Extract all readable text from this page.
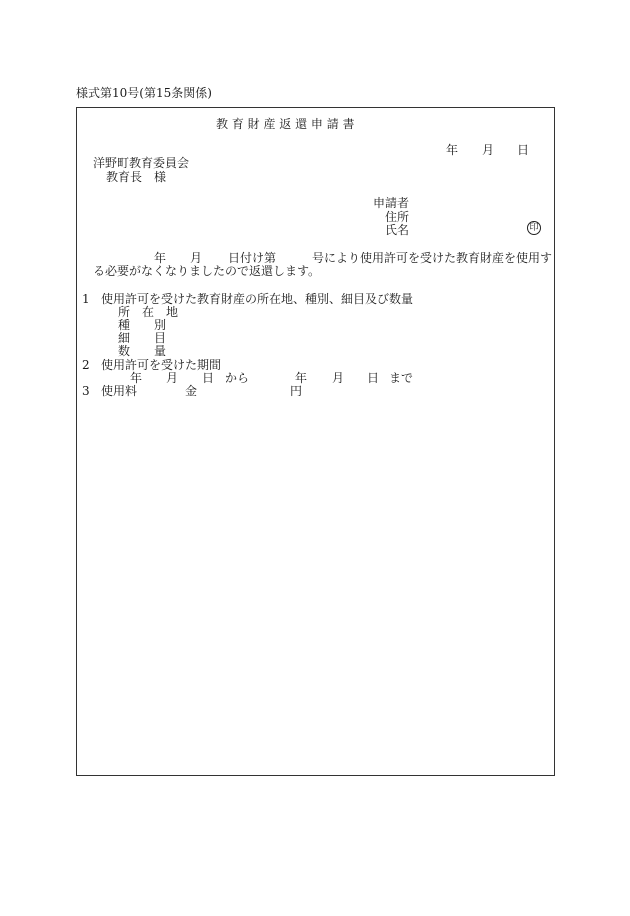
様式第10号(第15条関係)
教 育 財 産 返 還 申 請 書
年 月 日
洋野町教育委員会
教育長　様
申請者
住所
氏名	印
年 月 日付け第	号により使用許可を受けた教育財産を使用す
る必要がなくなりましたので返還します。
1 使用許可を受けた教育財産の所在地、種別、細目及び数量
所　在　地
種　　別
細　　目
数　　量
2 使用許可を受けた期間
年 月 日 から	年 月 日 まで
3 使用料	金	円
